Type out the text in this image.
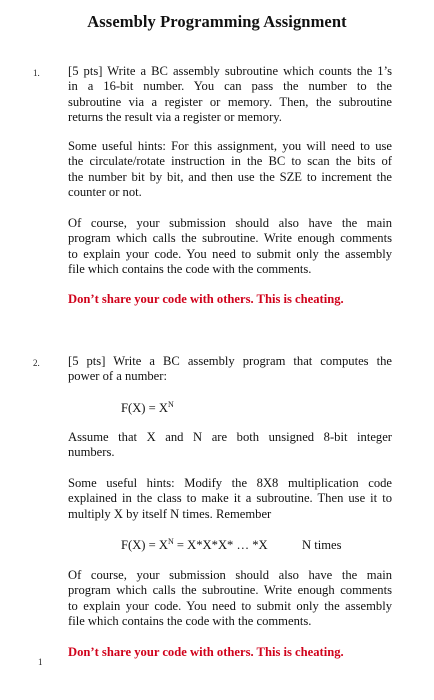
Assembly Programming Assignment
1. [5 pts] Write a BC assembly subroutine which counts the 1’s
in a 16-bit number. You can pass the number to the
subroutine via a register or memory. Then, the subroutine
returns the result via a register or memory.
Some useful hints: For this assignment, you will need to use
the circulate/rotate instruction in the BC to scan the bits of
the number bit by bit, and then use the SZE to increment the
counter or not.
Of course, your submission should also have the main
program which calls the subroutine. Write enough comments
to explain your code. You need to submit only the assembly
file which contains the code with the comments.
Don’t share your code with others. This is cheating.
2. [5 pts] Write a BC assembly program that computes the
power of a number:
$F(X) = X^N$
Assume that X and N are both unsigned 8-bit integer
numbers.
Some useful hints: Modify the 8X8 multiplication code
explained in the class to make it a subroutine. Then use it to
multiply X by itself N times. Remember
$F(X) = X^N = X*X*X*$ … *X	N times
Of course, your submission should also have the main
program which calls the subroutine. Write enough comments
to explain your code. You need to submit only the assembly
file which contains the code with the comments.
Don’t share your code with others. This is cheating.
1
